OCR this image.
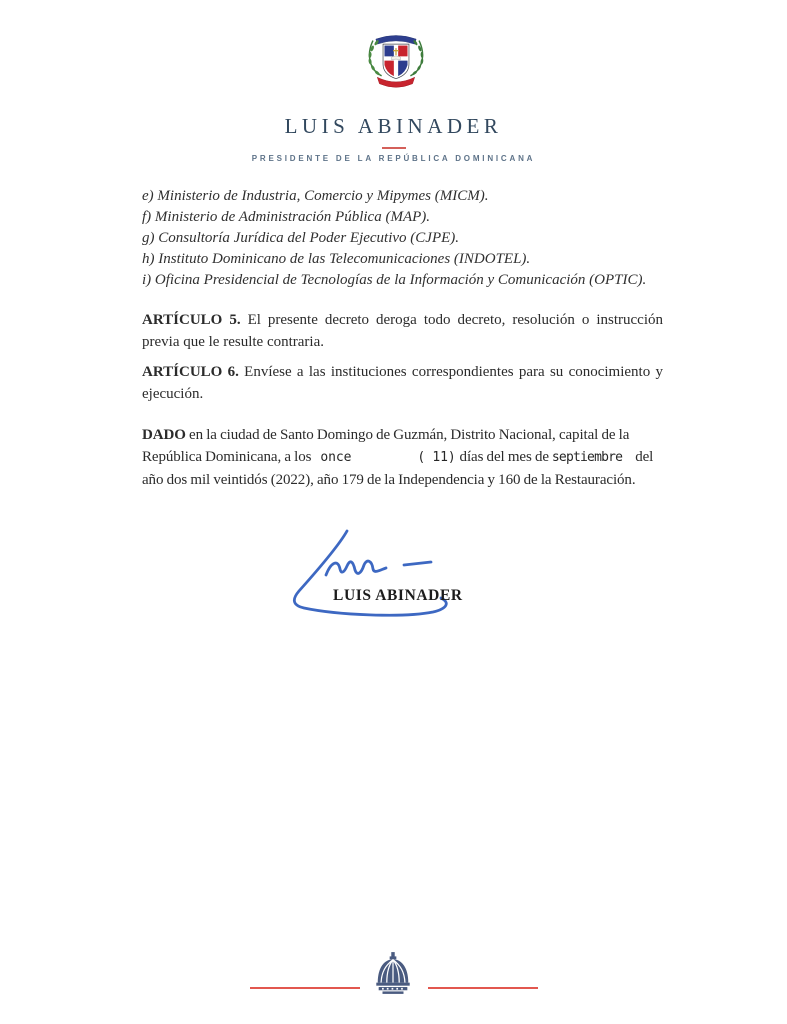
LUIS ABINADER
PRESIDENTE DE LA REPÚBLICA DOMINICANA
e) Ministerio de Industria, Comercio y Mipymes (MICM).
f) Ministerio de Administración Pública (MAP).
g) Consultoría Jurídica del Poder Ejecutivo (CJPE).
h) Instituto Dominicano de las Telecomunicaciones (INDOTEL).
i) Oficina Presidencial de Tecnologías de la Información y Comunicación (OPTIC).

ARTÍCULO 5. El presente decreto deroga todo decreto, resolución o instrucción previa que le resulte contraria.

ARTÍCULO 6. Envíese a las instituciones correspondientes para su conocimiento y ejecución.

DADO en la ciudad de Santo Domingo de Guzmán, Distrito Nacional, capital de la
República Dominicana, a los once	( 11) días del mes de septiembre del
año dos mil veintidós (2022), año 179 de la Independencia y 160 de la Restauración.
LUIS ABINADER
